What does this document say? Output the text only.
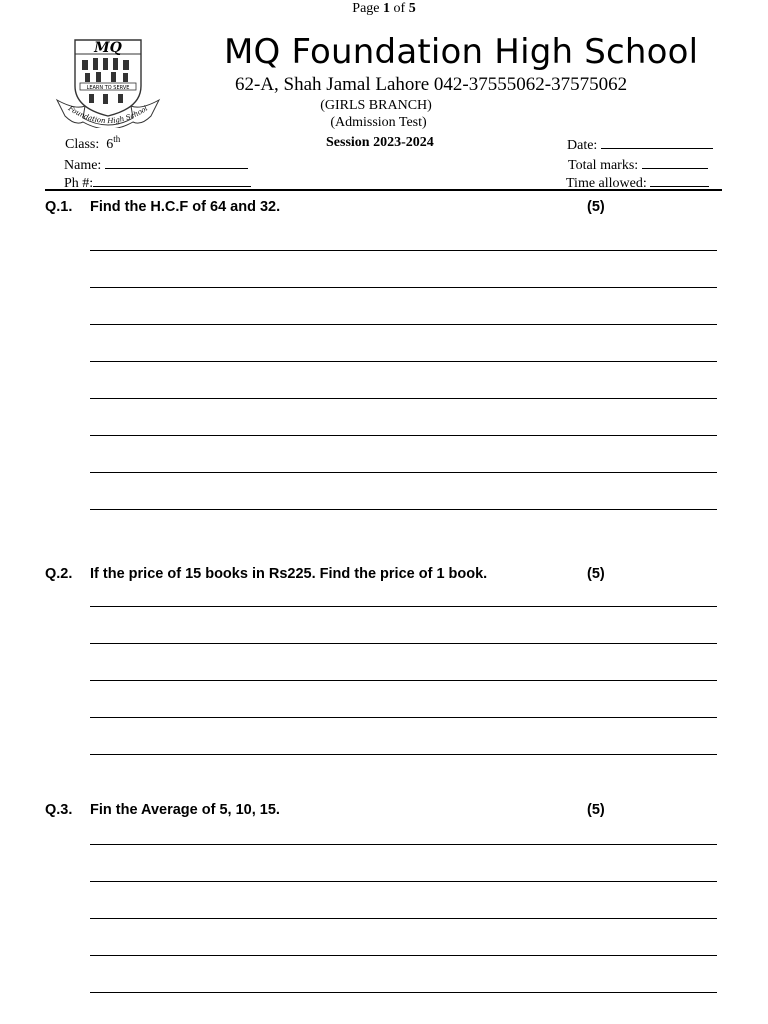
Page 1 of 5
MQ
LEARN TO SERVE
Foundation High School
MQ Foundation High School
62-A, Shah Jamal Lahore 042-37555062-37575062
(GIRLS BRANCH)
(Admission Test)
Class: 6th	Session 2023-2024	Date:
Name:	Total marks:
Ph #:	Time allowed:
Q.1. Find the H.C.F of 64 and 32.	(5)
Q.2. If the price of 15 books in Rs225. Find the price of 1 book.	(5)
Q.3. Fin the Average of 5, 10, 15.	(5)
